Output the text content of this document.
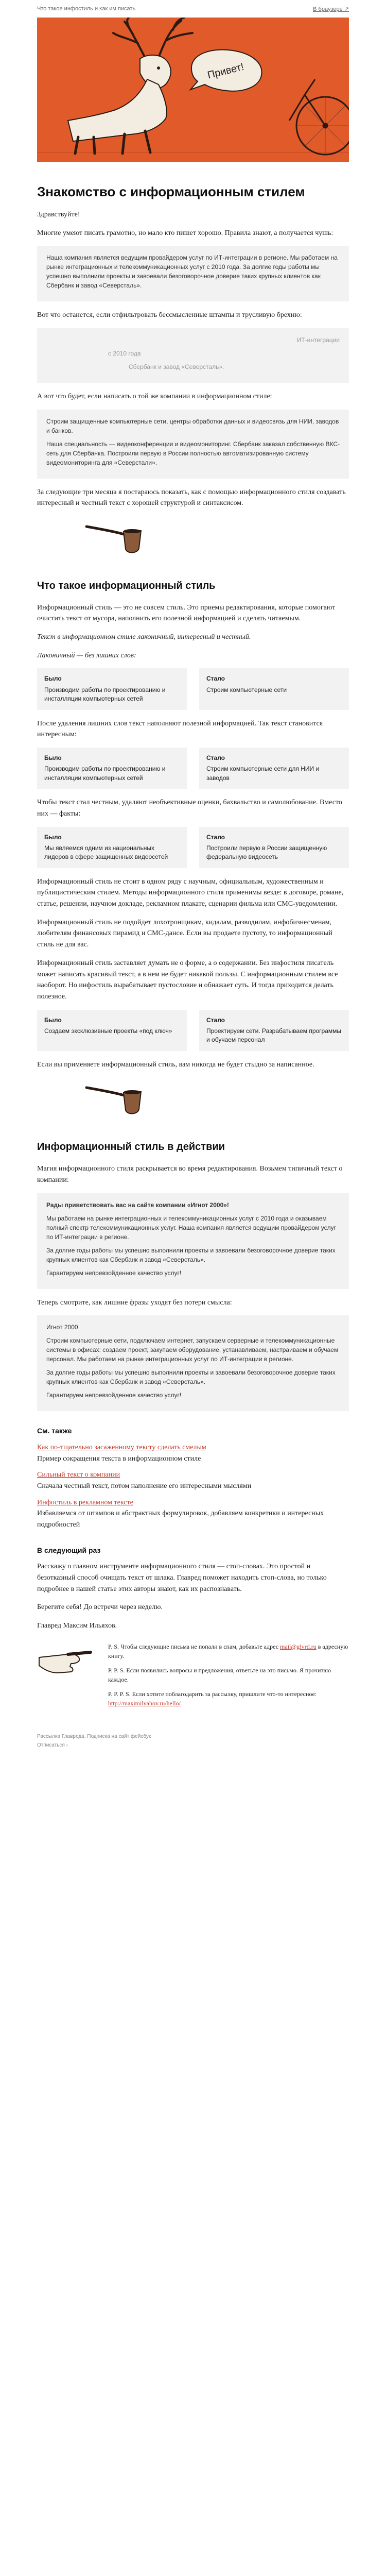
Что такое инфостиль и как им писать	В браузере ↗
Привет!
Знакомство с информационным стилем

Здравствуйте!

Многие умеют писать грамотно, но мало кто пишет хорошо. Правила знают, а получается чушь:

Наша компания является ведущим провайдером услуг по ИТ-интеграции в регионе. Мы работаем на рынке интеграционных и телекоммуникационных услуг с 2010 года. За долгие годы работы мы успешно выполнили проекты и завоевали безоговорочное доверие таких крупных клиентов как Сбербанк и завод «Северсталь».

Вот что останется, если отфильтровать бессмысленные штампы и трусливую брехню:

ИТ-интеграции

с 2010 года

Сбербанк и завод «Северсталь».

А вот что будет, если написать о той же компании в информационном стиле:

Строим защищенные компьютерные сети, центры обработки данных и видеосвязь для НИИ, заводов и банков.

Наша специальность — видеоконференции и видеомониторинг. Сбербанк заказал собственную ВКС-сеть для Сбербанка. Построили первую в России полностью автоматизированную систему видеомониторинга для «Северстали».

За следующие три месяца я постараюсь показать, как с помощью информационного стиля создавать интересный и честный текст с хорошей структурой и синтаксисом.

Что такое информационный стиль

Информационный стиль — это не совсем стиль. Это приемы редактирования, которые помогают очистить текст от мусора, наполнить его полезной информацией и сделать читаемым.

Текст в информационном стиле лаконичный, интересный и честный.

Лаконичный — без лишних слов:

Было
Производим работы по проектированию и инсталляции компьютерных сетей
Стало
Строим компьютерные сети

После удаления лишних слов текст наполняют полезной информацией. Так текст становится интересным:

Было
Производим работы по проектированию и инсталляции компьютерных сетей
Стало
Строим компьютерные сети для НИИ и заводов

Чтобы текст стал честным, удаляют необъективные оценки, бахвальство и самолюбование. Вместо них — факты:

Было
Мы являемся одним из национальных лидеров в сфере защищенных видеосетей
Стало
Построили первую в России защищенную федеральную видеосеть

Информационный стиль не стоит в одном ряду с научным, официальным, художественным и публицистическим стилем. Методы информационного стиля применимы везде: в договоре, романе, статье, решении, научном докладе, рекламном плакате, сценарии фильма или СМС-уведомлении.

Информационный стиль не подойдет лохотронщикам, кидалам, разводилам, инфобизнесменам, любителям финансовых пирамид и СМС-дансе. Если вы продаете пустоту, то информационный стиль не для вас.

Информационный стиль заставляет думать не о форме, а о содержании. Без инфостиля писатель может написать красивый текст, а в нем не будет никакой пользы. С информационным стилем все наоборот. Но инфостиль вырабатывает пустословие и обнажает суть. И тогда приходится делать полезное.

Было
Создаем эксклюзивные проекты «под ключ»
Стало
Проектируем сети. Разрабатываем программы и обучаем персонал

Если вы применяете информационный стиль, вам никогда не будет стыдно за написанное.

Информационный стиль в действии

Магия информационного стиля раскрывается во время редактирования. Возьмем типичный текст о компании:

Рады приветствовать вас на сайте компании «Игнот 2000»!

Мы работаем на рынке интеграционных и телекоммуникационных услуг с 2010 года и оказываем полный спектр телекоммуникационных услуг. Наша компания является ведущим провайдером услуг по ИТ-интеграции в регионе.

За долгие годы работы мы успешно выполнили проекты и завоевали безоговорочное доверие таких крупных клиентов как Сбербанк и завод «Северсталь».

Гарантируем непревзойденное качество услуг!

Теперь смотрите, как лишние фразы уходят без потери смысла:

Игнот 2000

Строим компьютерные сети, подключаем интернет, запускаем серверные и телекоммуникационные системы в офисах: создаем проект, закупаем оборудование, устанавливаем, настраиваем и обучаем персонал. Мы работаем на рынке интеграционных услуг по ИТ-интеграции в регионе.

За долгие годы работы мы успешно выполнили проекты и завоевали безоговорочное доверие таких крупных клиентов как Сбербанк и завод «Северсталь».

Гарантируем непревзойденное качество услуг!

См. также

Как по-тщательно засаженному тексту сделать смелым
Пример сокращения текста в информационном стиле

Сильный текст о компании
Сначала честный текст, потом наполнение его интересными мыслями

Инфостиль в рекламном тексте
Избавляемся от штампов и абстрактных формулировок, добавляем конкретики и интересных подробностей

В следующий раз

Расскажу о главном инструменте информационного стиля — стоп-словах. Это простой и безотказный способ очищать текст от шлака. Главред поможет находить стоп-слова, но только подробнее в нашей статье этих авторы знают, как их распознавать.

Берегите себя! До встречи через неделю.

Главред Максим Ильяхов.

P. S. Чтобы следующие письма не попали в спам, добавьте адрес mail@glvrd.ru в адресную книгу.

P. P. S. Если появились вопросы и предложения, ответьте на это письмо. Я прочитаю каждое.

P. P. P. S. Если хотите поблагодарить за рассылку, пришлите что-то интересное: http://maximilyahov.ru/hello/

Рассылка Главреда. Подписка на сайт фейсбук
Отписаться ›
